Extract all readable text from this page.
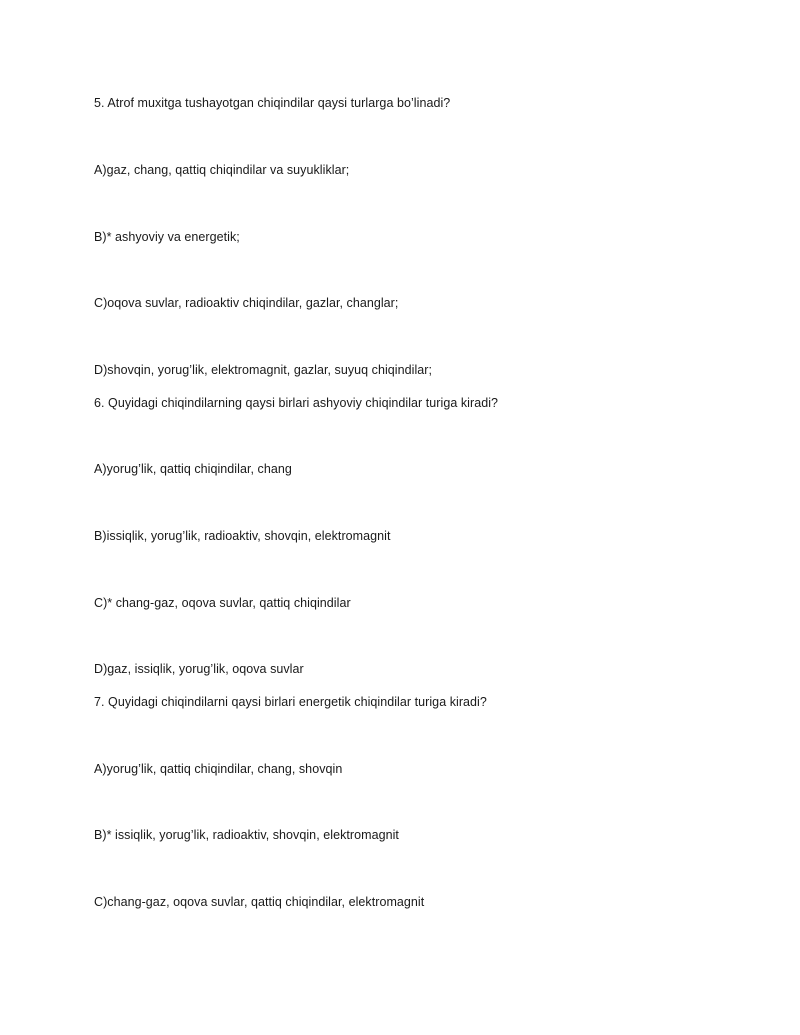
5. Atrof muxitga tushayotgan chiqindilar qaysi turlarga bo’linadi?
A)gaz, chang, qattiq chiqindilar va suyukliklar;
B)* ashyoviy va energetik;
C)oqova suvlar, radioaktiv chiqindilar, gazlar, changlar;
D)shovqin, yorug’lik, elektromagnit, gazlar, suyuq chiqindilar;
6. Quyidagi chiqindilarning qaysi birlari ashyoviy chiqindilar turiga kiradi?
A)yorug’lik, qattiq chiqindilar, chang
B)issiqlik, yorug’lik, radioaktiv, shovqin, elektromagnit
C)* chang-gaz, oqova suvlar, qattiq chiqindilar
D)gaz, issiqlik, yorug’lik, oqova suvlar
7. Quyidagi chiqindilarni qaysi birlari energetik chiqindilar turiga kiradi?
A)yorug’lik, qattiq chiqindilar, chang, shovqin
B)* issiqlik, yorug’lik, radioaktiv, shovqin, elektromagnit
C)chang-gaz, oqova suvlar, qattiq chiqindilar, elektromagnit
